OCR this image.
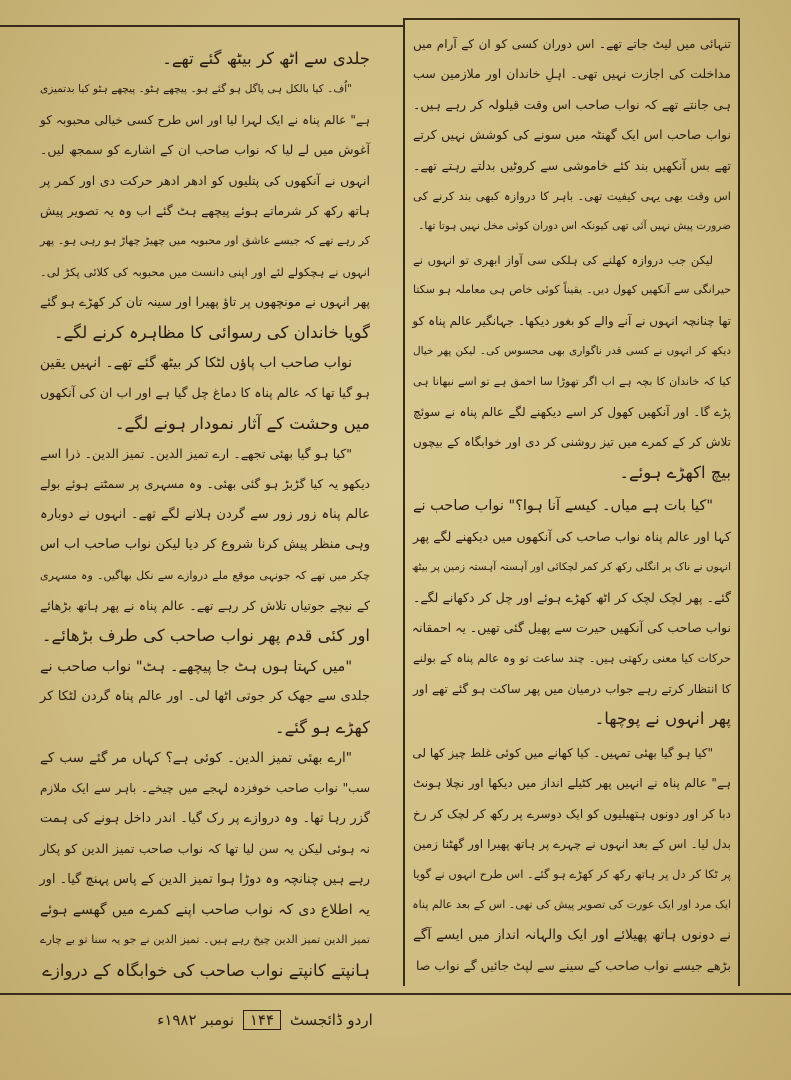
تنہائی میں لیٹ جاتے تھے۔ اس دوران کسی کو ان کے آرام میں
مداخلت کی اجازت نہیں تھی۔ اہلِ خاندان اور ملازمین سب
ہی جانتے تھے کہ نواب صاحب اس وقت قیلولہ کر رہے ہیں۔
نواب صاحب اس ایک گھنٹہ میں سونے کی کوشش نہیں کرتے
تھے بس آنکھیں بند کئے خاموشی سے کروٹیں بدلتے رہتے تھے۔
اس وقت بھی یہی کیفیت تھی۔ باہر کا دروازہ کبھی بند کرنے کی
ضرورت پیش نہیں آئی تھی کیونکہ اس دوران کوئی مخل نہیں ہوتا تھا۔
لیکن جب دروازہ کھلنے کی ہلکی سی آواز ابھری تو انہوں نے
حیرانگی سے آنکھیں کھول دیں۔ یقیناً کوئی خاص ہی معاملہ ہو سکتا
تھا چنانچہ انہوں نے آنے والے کو بغور دیکھا۔ جہانگیر عالم پناہ کو
دیکھ کر انہوں نے کسی قدر ناگواری بھی محسوس کی۔ لیکن پھر خیال
کیا کہ خاندان کا بچہ ہے اب اگر تھوڑا سا احمق ہے تو اسے نبھانا ہی
پڑے گا۔ اور آنکھیں کھول کر اسے دیکھنے لگے عالم پناہ نے سوئچ
تلاش کر کے کمرے میں تیز روشنی کر دی اور خوابگاہ کے بیچوں
بیچ اکھڑے ہوئے۔
"کیا بات ہے میاں۔ کیسے آنا ہوا؟" نواب صاحب نے
کہا اور عالم پناہ نواب صاحب کی آنکھوں میں دیکھنے لگے پھر
انہوں نے ناک پر انگلی رکھ کر کمر لچکائی اور آہستہ آہستہ زمین پر بیٹھ
گئے۔ پھر لچک لچک کر اٹھ کھڑے ہوئے اور چل کر دکھانے لگے۔
نواب صاحب کی آنکھیں حیرت سے پھیل گئی تھیں۔ یہ احمقانہ
حرکات کیا معنی رکھتی ہیں۔ چند ساعت تو وہ عالم پناہ کے بولنے
کا انتظار کرتے رہے جواب درمیان میں پھر ساکت ہو گئے تھے اور
پھر انہوں نے پوچھا۔
"کیا ہو گیا بھئی تمہیں۔ کیا کھانے میں کوئی غلط چیز کھا لی
ہے" عالم پناہ نے انہیں پھر کٹیلے انداز میں دیکھا اور نچلا ہونٹ
دبا کر اور دونوں ہتھیلیوں کو ایک دوسرے پر رکھ کر لچک کر رخ
بدل لیا۔ اس کے بعد انہوں نے چہرے پر ہاتھ پھیرا اور گھٹنا زمین
پر ٹکا کر دل پر ہاتھ رکھ کر کھڑے ہو گئے۔ اس طرح انہوں نے گویا
ایک مرد اور ایک عورت کی تصویر پیش کی تھی۔ اس کے بعد عالم پناہ
نے دونوں ہاتھ پھیلائے اور ایک والہانہ انداز میں ایسے آگے
بڑھے جیسے نواب صاحب کے سینے سے لپٹ جائیں گے نواب صا
جلدی سے اٹھ کر بیٹھ گئے تھے۔
"اُف۔ کیا بالکل ہی پاگل ہو گئے ہو۔ پیچھے ہٹو۔ پیچھے ہٹو کیا بدتمیزی
ہے" عالم پناہ نے ایک لہرا لیا اور اس طرح کسی خیالی محبوبہ کو
آغوش میں لے لیا کہ نواب صاحب ان کے اشارے کو سمجھ لیں۔
انہوں نے آنکھوں کی پتلیوں کو ادھر ادھر حرکت دی اور کمر پر
ہاتھ رکھ کر شرماتے ہوئے پیچھے ہٹ گئے اب وہ یہ تصویر پیش
کر رہے تھے کہ جیسے عاشق اور محبوبہ میں چھیڑ چھاڑ ہو رہی ہو۔ پھر
انہوں نے ہچکولے لئے اور اپنی دانست میں محبوبہ کی کلائی پکڑ لی۔
پھر انہوں نے مونچھوں پر تاؤ پھیرا اور سینہ تان کر کھڑے ہو گئے
گویا خاندان کی رسوائی کا مظاہرہ کرنے لگے۔
نواب صاحب اب پاؤں لٹکا کر بیٹھ گئے تھے۔ انہیں یقین
ہو گیا تھا کہ عالم پناہ کا دماغ چل گیا ہے اور اب ان کی آنکھوں
میں وحشت کے آثار نمودار ہونے لگے۔
"کیا ہو گیا بھئی تجھے۔ ارے تمیز الدین۔ تمیز الدین۔ ذرا اسے
دیکھو یہ کیا گڑبڑ ہو گئی بھئی۔ وہ مسہری پر سمٹتے ہوئے بولے
عالم پناہ زور زور سے گردن ہلانے لگے تھے۔ انہوں نے دوبارہ
وہی منظر پیش کرنا شروع کر دیا لیکن نواب صاحب اب اس
چکر میں تھے کہ جونہی موقع ملے دروازے سے نکل بھاگیں۔ وہ مسہری
کے نیچے جوتیاں تلاش کر رہے تھے۔ عالم پناہ نے پھر ہاتھ بڑھائے
اور کئی قدم پھر نواب صاحب کی طرف بڑھائے۔
"میں کہتا ہوں ہٹ جا پیچھے۔ ہٹ" نواب صاحب نے
جلدی سے جھک کر جوتی اٹھا لی۔ اور عالم پناہ گردن لٹکا کر
کھڑے ہو گئے۔
"ارے بھئی تمیز الدین۔ کوئی ہے؟ کہاں مر گئے سب کے
سب" نواب صاحب خوفزدہ لہجے میں چیخے۔ باہر سے ایک ملازم
گزر رہا تھا۔ وہ دروازے پر رک گیا۔ اندر داخل ہونے کی ہمت
نہ ہوئی لیکن یہ سن لیا تھا کہ نواب صاحب تمیز الدین کو پکار
رہے ہیں چنانچہ وہ دوڑا ہوا تمیز الدین کے پاس پہنچ گیا۔ اور
یہ اطلاع دی کہ نواب صاحب اپنے کمرے میں گھسے ہوئے
تمیز الدین تمیز الدین چیخ رہے ہیں۔ تمیز الدین نے جو یہ سنا تو بے چارے
ہانپتے کانپتے نواب صاحب کی خوابگاہ کے دروازے
اردو ڈائجسٹ ۱۴۴ نومبر ۱۹۸۲ء
